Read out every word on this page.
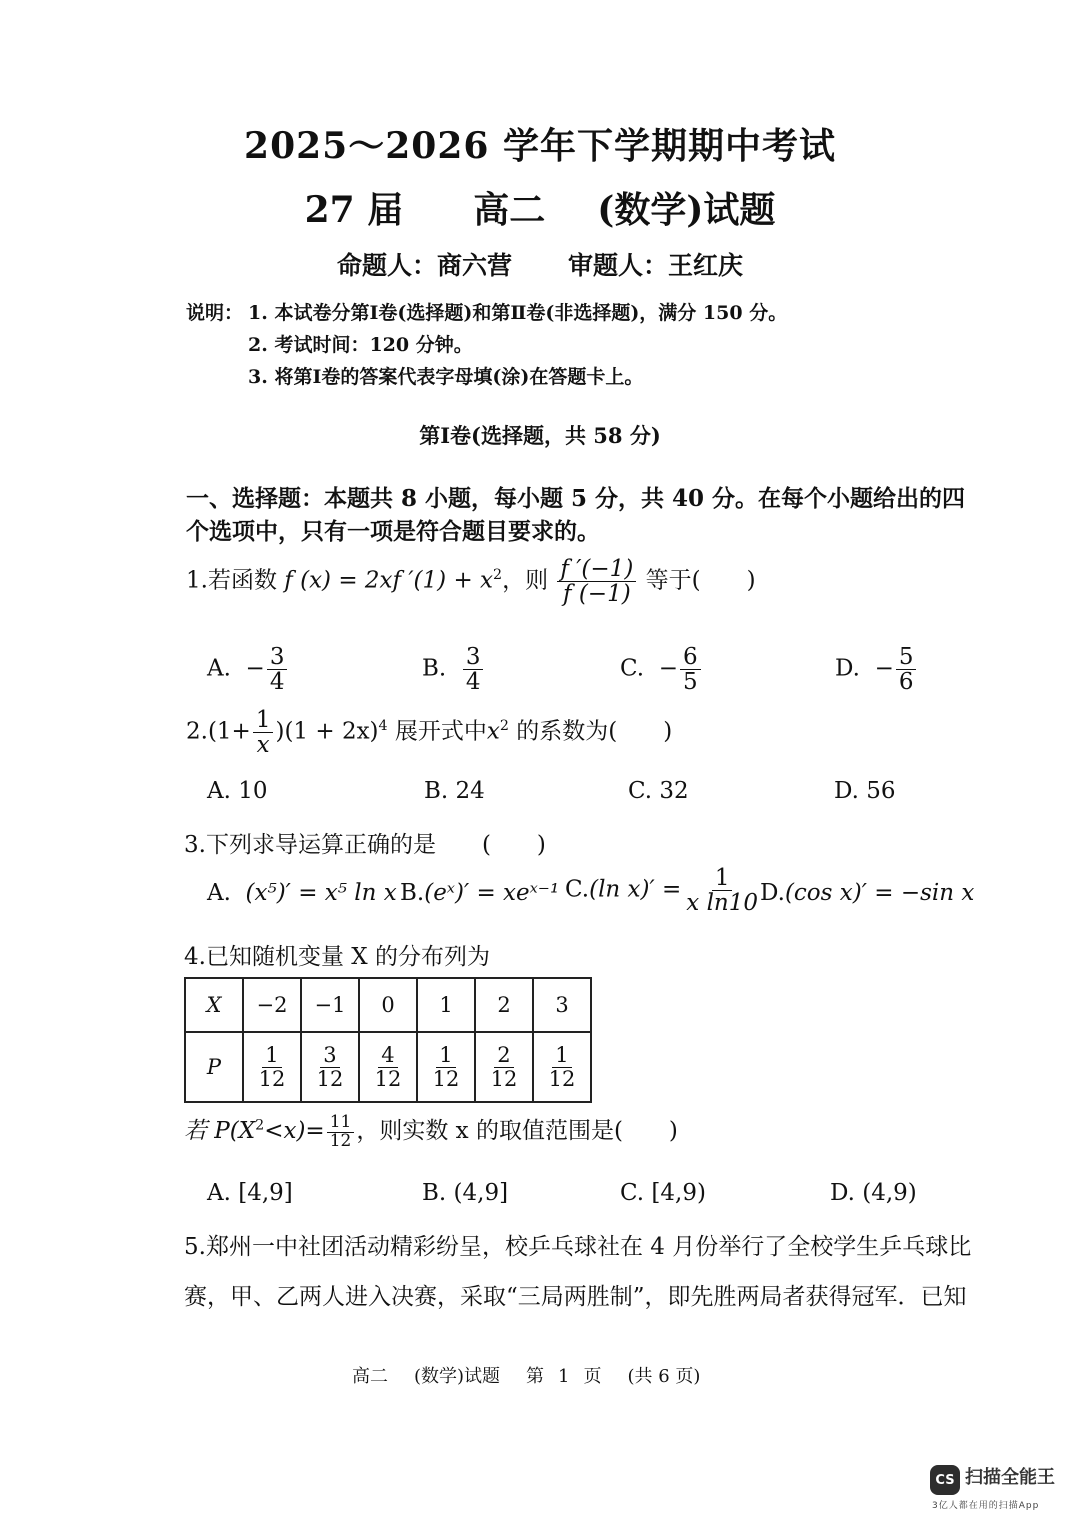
2025～2026 学年下学期期中考试
27 届 高二 (数学)试题
命题人：商六营 审题人：王红庆
说明： 1. 本试卷分第Ⅰ卷(选择题)和第Ⅱ卷(非选择题)，满分 150 分。
2. 考试时间：120 分钟。
3. 将第Ⅰ卷的答案代表字母填(涂)在答题卡上。
第Ⅰ卷(选择题，共 58 分)
一、选择题：本题共 8 小题，每小题 5 分，共 40 分。在每个小题给出的四个选项中，只有一项是符合题目要求的。
1.若函数 f (x) = 2xf $'(1) + x^2$，则 $\frac{f '(-1)}{f (-1)}$ 等于(　　)
A. − $\frac{3}{4}$	B. $\frac{3}{4}$	C. − $\frac{6}{5}$	D. − $\frac{5}{6}$
$2.(1+ \frac{1}{x} )(1 + 2x)^4$ 展开式中$x^2$ 的系数为(　　)
A. 10	B. 24	C. 32	D. 56
3.下列求导运算正确的是　　(　　)
A. (x⁵)′ = x⁵ ln x B.(eˣ)′ = xeˣ⁻¹ C.(ln $x)' = \frac{1}{\text{x ln10}}$
D.(cos x)′ = −sin x
4.已知随机变量 X 的分布列为
X	−2	−1	0	1	2	3
P	$\frac{1}{12}$	$\frac{3}{12}$	$\frac{4}{12}$	$\frac{1}{12}$	$\frac{2}{12}$	$\frac{1}{12}$
若 $P(X^2<x)= \frac{11}{12}$ ，则实数 x 的取值范围是(　　)
A. [4,9]	B. (4,9]	C. [4,9)	D. (4,9)
5.郑州一中社团活动精彩纷呈，校乒乓球社在 4 月份举行了全校学生乒乓球比
赛，甲、乙两人进入决赛，采取“三局两胜制”，即先胜两局者获得冠军．已知
高二 (数学)试题 第 1 页 (共 6 页)
CS 扫描全能王
3亿人都在用的扫描App
